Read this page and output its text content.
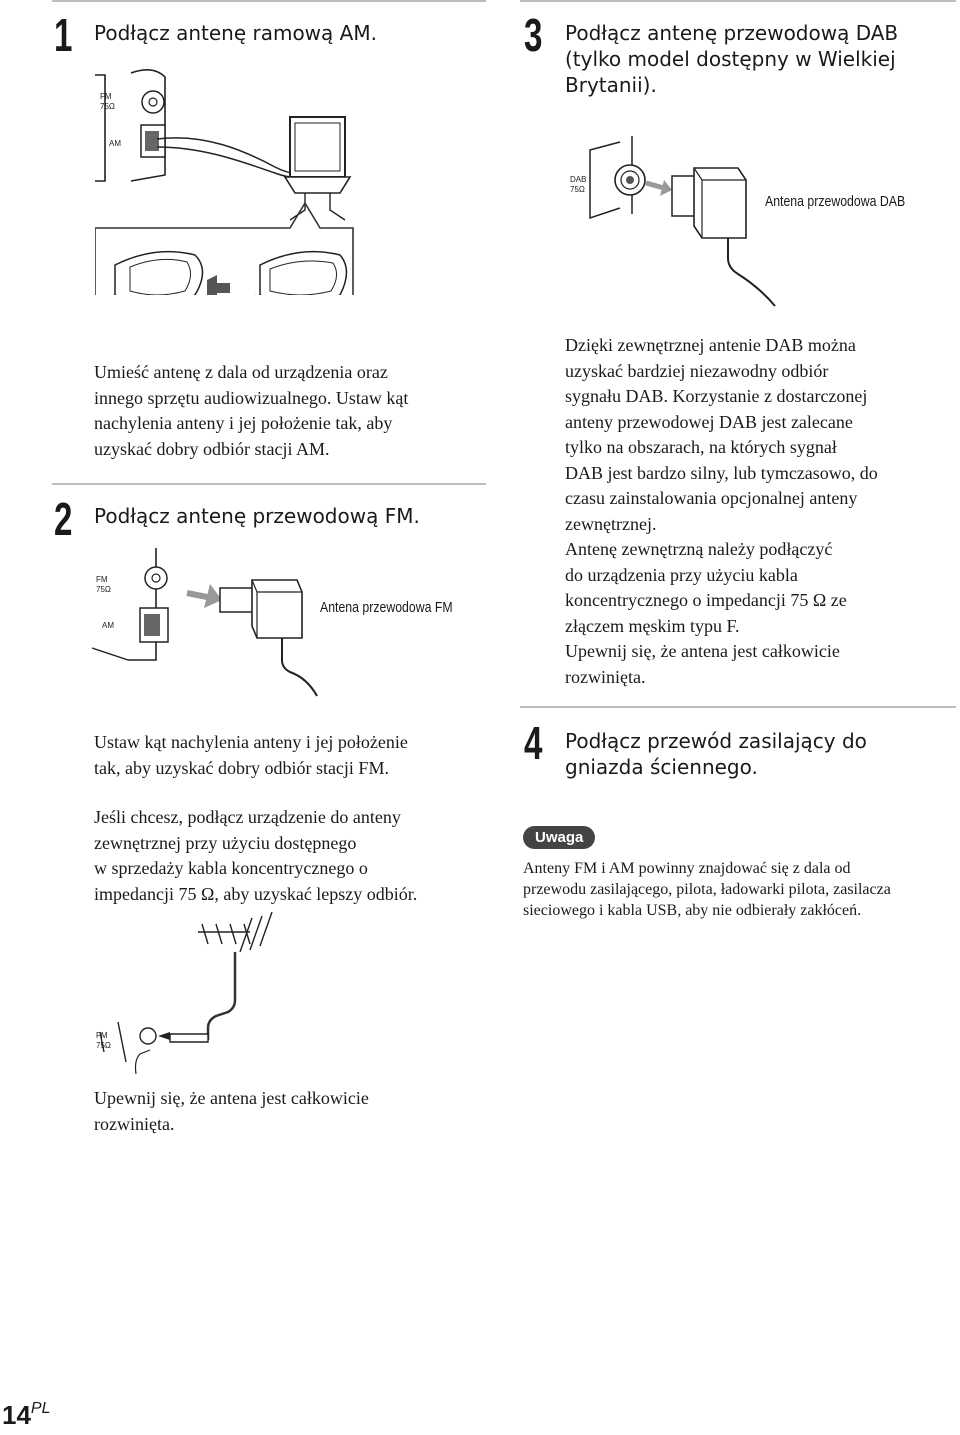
1 Podłącz antenę ramową AM.
FM
75Ω
AM
Umieść antenę z dala od urządzenia oraz
innego sprzętu audiowizualnego. Ustaw kąt
nachylenia anteny i jej położenie tak, aby
uzyskać dobry odbiór stacji AM.
2 Podłącz antenę przewodową FM.
FM
75Ω
AM
Antena przewodowa FM
Ustaw kąt nachylenia anteny i jej położenie
tak, aby uzyskać dobry odbiór stacji FM.
Jeśli chcesz, podłącz urządzenie do anteny
zewnętrznej przy użyciu dostępnego
w sprzedaży kabla koncentrycznego o
impedancji 75 Ω, aby uzyskać lepszy odbiór.
FM
75Ω
Upewnij się, że antena jest całkowicie
rozwinięta.
3 Podłącz antenę przewodową DAB
(tylko model dostępny w Wielkiej
Brytanii).
DAB
75Ω
Antena przewodowa DAB
Dzięki zewnętrznej antenie DAB można
uzyskać bardziej niezawodny odbiór
sygnału DAB. Korzystanie z dostarczonej
anteny przewodowej DAB jest zalecane
tylko na obszarach, na których sygnał
DAB jest bardzo silny, lub tymczasowo, do
czasu zainstalowania opcjonalnej anteny
zewnętrznej.
Antenę zewnętrzną należy podłączyć
do urządzenia przy użyciu kabla
koncentrycznego o impedancji 75 Ω ze
złączem męskim typu F.
Upewnij się, że antena jest całkowicie
rozwinięta.
4 Podłącz przewód zasilający do
gniazda ściennego.
Uwaga
Anteny FM i AM powinny znajdować się z dala od
przewodu zasilającego, pilota, ładowarki pilota, zasilacza
sieciowego i kabla USB, aby nie odbierały zakłóceń.
$14^{PL}$
